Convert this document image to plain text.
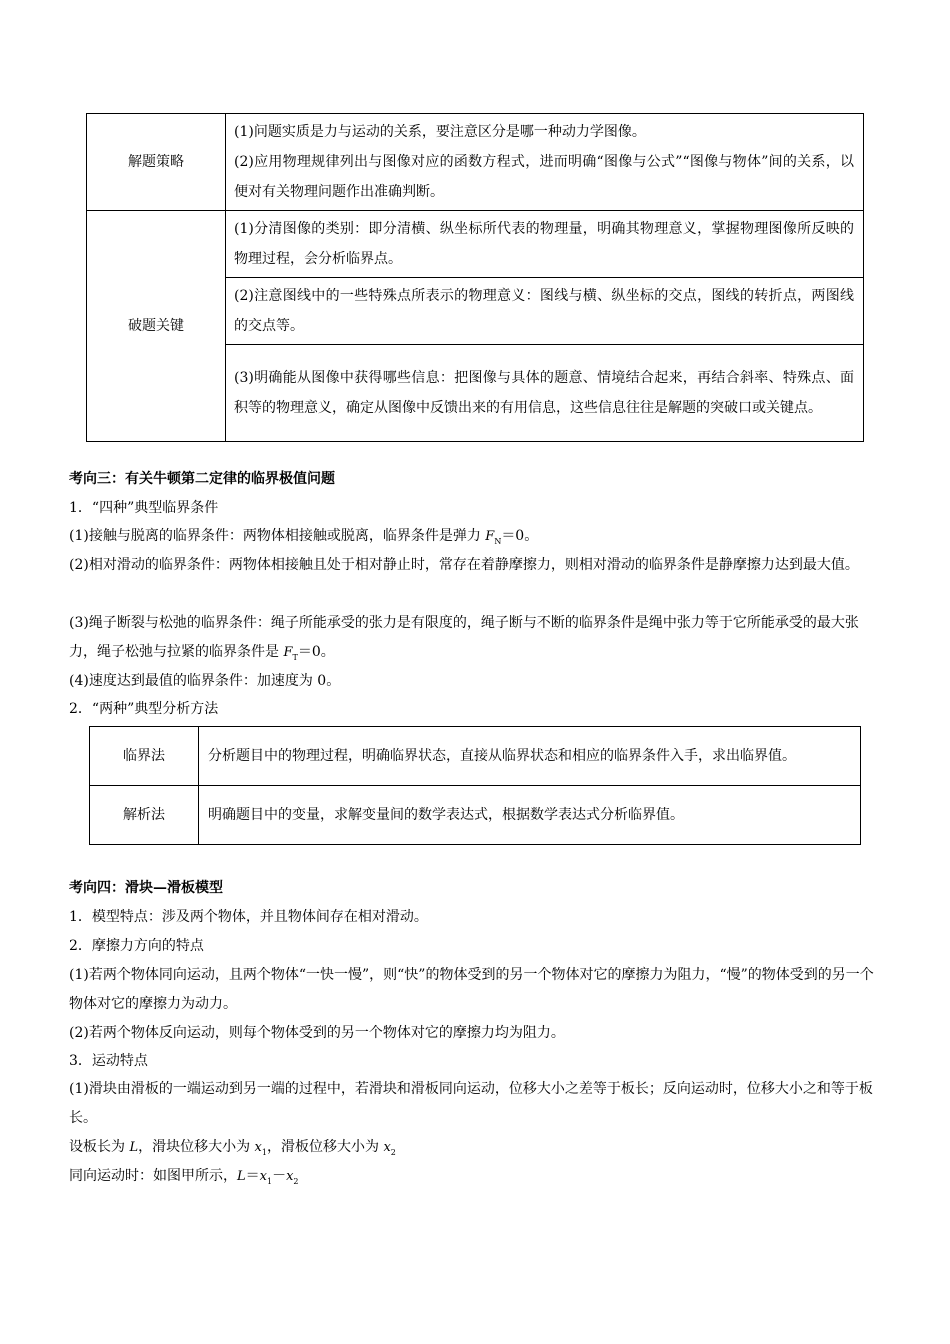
解题策略	(1)问题实质是力与运动的关系，要注意区分是哪一种动力学图像。
(2)应用物理规律列出与图像对应的函数方程式，进而明确“图像与公式”“图像与物体”间的关系，以便对有关物理问题作出准确判断。

破题关键	(1)分清图像的类别：即分清横、纵坐标所代表的物理量，明确其物理意义，掌握物理图像所反映的物理过程，会分析临界点。
	(2)注意图线中的一些特殊点所表示的物理意义：图线与横、纵坐标的交点，图线的转折点，两图线的交点等。
	(3)明确能从图像中获得哪些信息：把图像与具体的题意、情境结合起来，再结合斜率、特殊点、面积等的物理意义，确定从图像中反馈出来的有用信息，这些信息往往是解题的突破口或关键点。
考向三：有关牛顿第二定律的临界极值问题
1．“四种”典型临界条件
(1)接触与脱离的临界条件：两物体相接触或脱离，临界条件是弹力 $F_N=0$。
(2)相对滑动的临界条件：两物体相接触且处于相对静止时，常存在着静摩擦力，则相对滑动的临界条件是静摩擦力达到最大值。
(3)绳子断裂与松弛的临界条件：绳子所能承受的张力是有限度的，绳子断与不断的临界条件是绳中张力等于它所能承受的最大张力，绳子松弛与拉紧的临界条件是 $F_T=0$。
(4)速度达到最值的临界条件：加速度为 0。
2．“两种”典型分析方法
临界法	分析题目中的物理过程，明确临界状态，直接从临界状态和相应的临界条件入手，求出临界值。
解析法	明确题目中的变量，求解变量间的数学表达式，根据数学表达式分析临界值。
考向四：滑块—滑板模型
1．模型特点：涉及两个物体，并且物体间存在相对滑动。
2．摩擦力方向的特点
(1)若两个物体同向运动，且两个物体“一快一慢”，则“快”的物体受到的另一个物体对它的摩擦力为阻力，“慢”的物体受到的另一个物体对它的摩擦力为动力。
(2)若两个物体反向运动，则每个物体受到的另一个物体对它的摩擦力均为阻力。
3．运动特点
(1)滑块由滑板的一端运动到另一端的过程中，若滑块和滑板同向运动，位移大小之差等于板长；反向运动时，位移大小之和等于板长。
设板长为 L，滑块位移大小为 $x_1$，滑板位移大小为 $x_2$
同向运动时：如图甲所示，$L=x_1-x_2$
